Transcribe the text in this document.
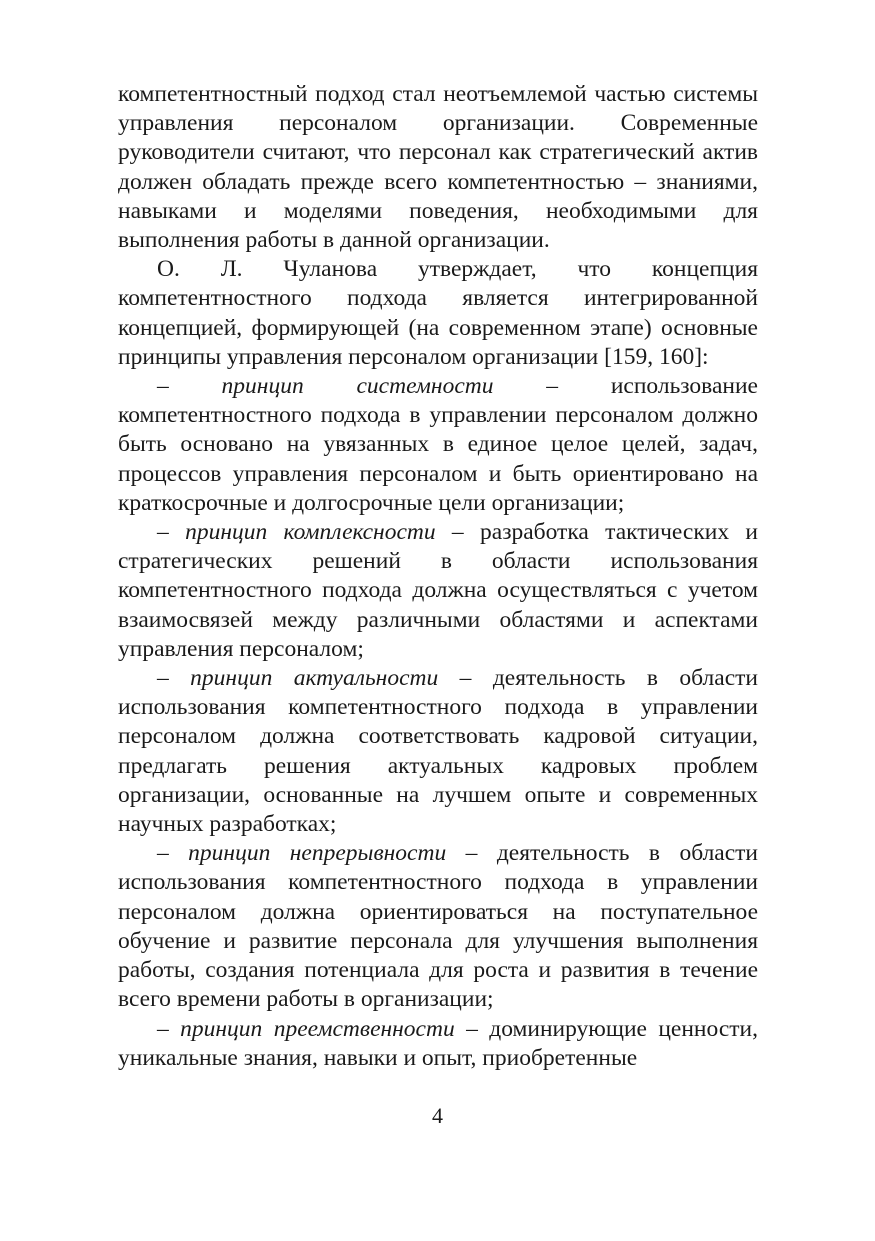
компетентностный подход стал неотъемлемой частью системы управления персоналом организации. Современные руководители считают, что персонал как стратегический актив должен обладать прежде всего компетентностью – знаниями, навыками и моделями поведения, необходимыми для выполнения работы в данной организации.

О. Л. Чуланова утверждает, что концепция компетентностного подхода является интегрированной концепцией, формирующей (на современном этапе) основные принципы управления персоналом организации [159, 160]:

– принцип системности – использование компетентностного подхода в управлении персоналом должно быть основано на увязанных в единое целое целей, задач, процессов управления персоналом и быть ориентировано на краткосрочные и долгосрочные цели организации;

– принцип комплексности – разработка тактических и стратегических решений в области использования компетентностного подхода должна осуществляться с учетом взаимосвязей между различными областями и аспектами управления персоналом;

– принцип актуальности – деятельность в области использования компетентностного подхода в управлении персоналом должна соответствовать кадровой ситуации, предлагать решения актуальных кадровых проблем организации, основанные на лучшем опыте и современных научных разработках;

– принцип непрерывности – деятельность в области использования компетентностного подхода в управлении персоналом должна ориентироваться на поступательное обучение и развитие персонала для улучшения выполнения работы, создания потенциала для роста и развития в течение всего времени работы в организации;

– принцип преемственности – доминирующие ценности, уникальные знания, навыки и опыт, приобретенные

4
